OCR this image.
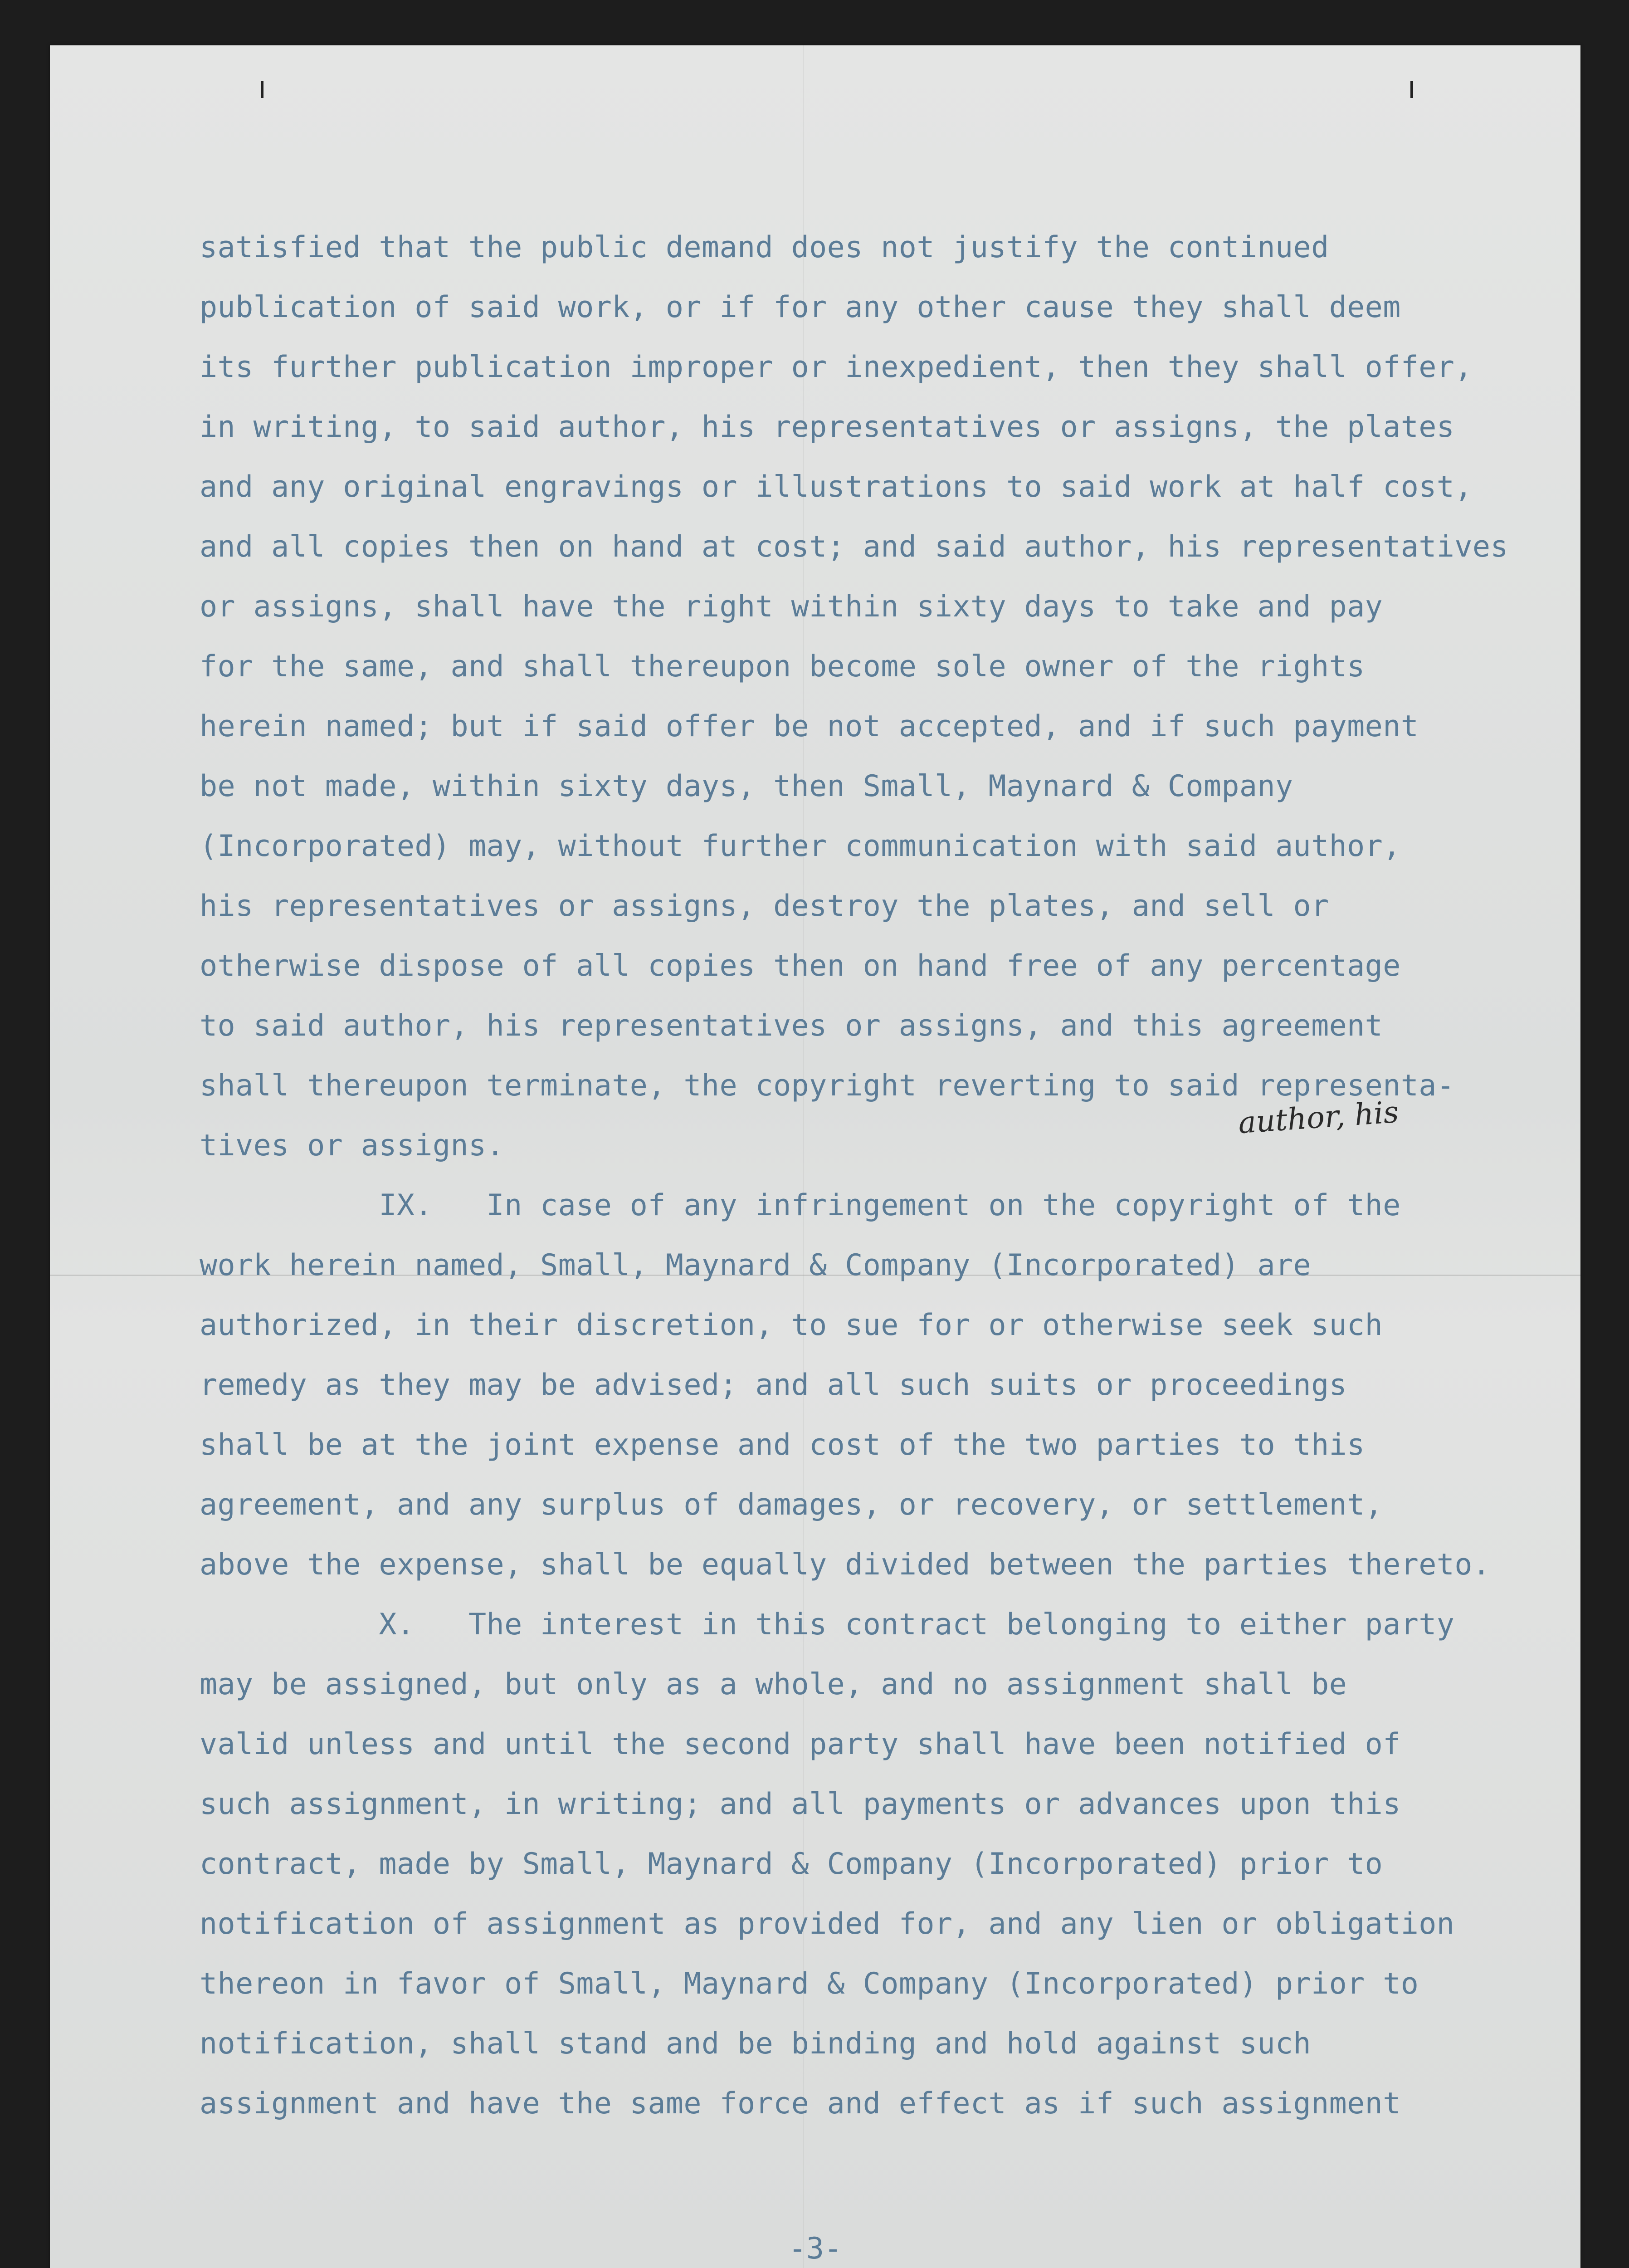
satisfied that the public demand does not justify the continued
publication of said work, or if for any other cause they shall deem
its further publication improper or inexpedient, then they shall offer,
in writing, to said author, his representatives or assigns, the plates
and any original engravings or illustrations to said work at half cost,
and all copies then on hand at cost; and said author, his representatives
or assigns, shall have the right within sixty days to take and pay
for the same, and shall thereupon become sole owner of the rights
herein named; but if said offer be not accepted, and if such payment
be not made, within sixty days, then Small, Maynard & Company
(Incorporated) may, without further communication with said author,
his representatives or assigns, destroy the plates, and sell or
otherwise dispose of all copies then on hand free of any percentage
to said author, his representatives or assigns, and this agreement
shall thereupon terminate, the copyright reverting to said representa-
tives or assigns.
IX.   In case of any infringement on the copyright of the
work herein named, Small, Maynard & Company (Incorporated) are
authorized, in their discretion, to sue for or otherwise seek such
remedy as they may be advised; and all such suits or proceedings
shall be at the joint expense and cost of the two parties to this
agreement, and any surplus of damages, or recovery, or settlement,
above the expense, shall be equally divided between the parties thereto.
X.   The interest in this contract belonging to either party
may be assigned, but only as a whole, and no assignment shall be
valid unless and until the second party shall have been notified of
such assignment, in writing; and all payments or advances upon this
contract, made by Small, Maynard & Company (Incorporated) prior to
notification of assignment as provided for, and any lien or obligation
thereon in favor of Small, Maynard & Company (Incorporated) prior to
notification, shall stand and be binding and hold against such
assignment and have the same force and effect as if such assignment
author, his
-3-
